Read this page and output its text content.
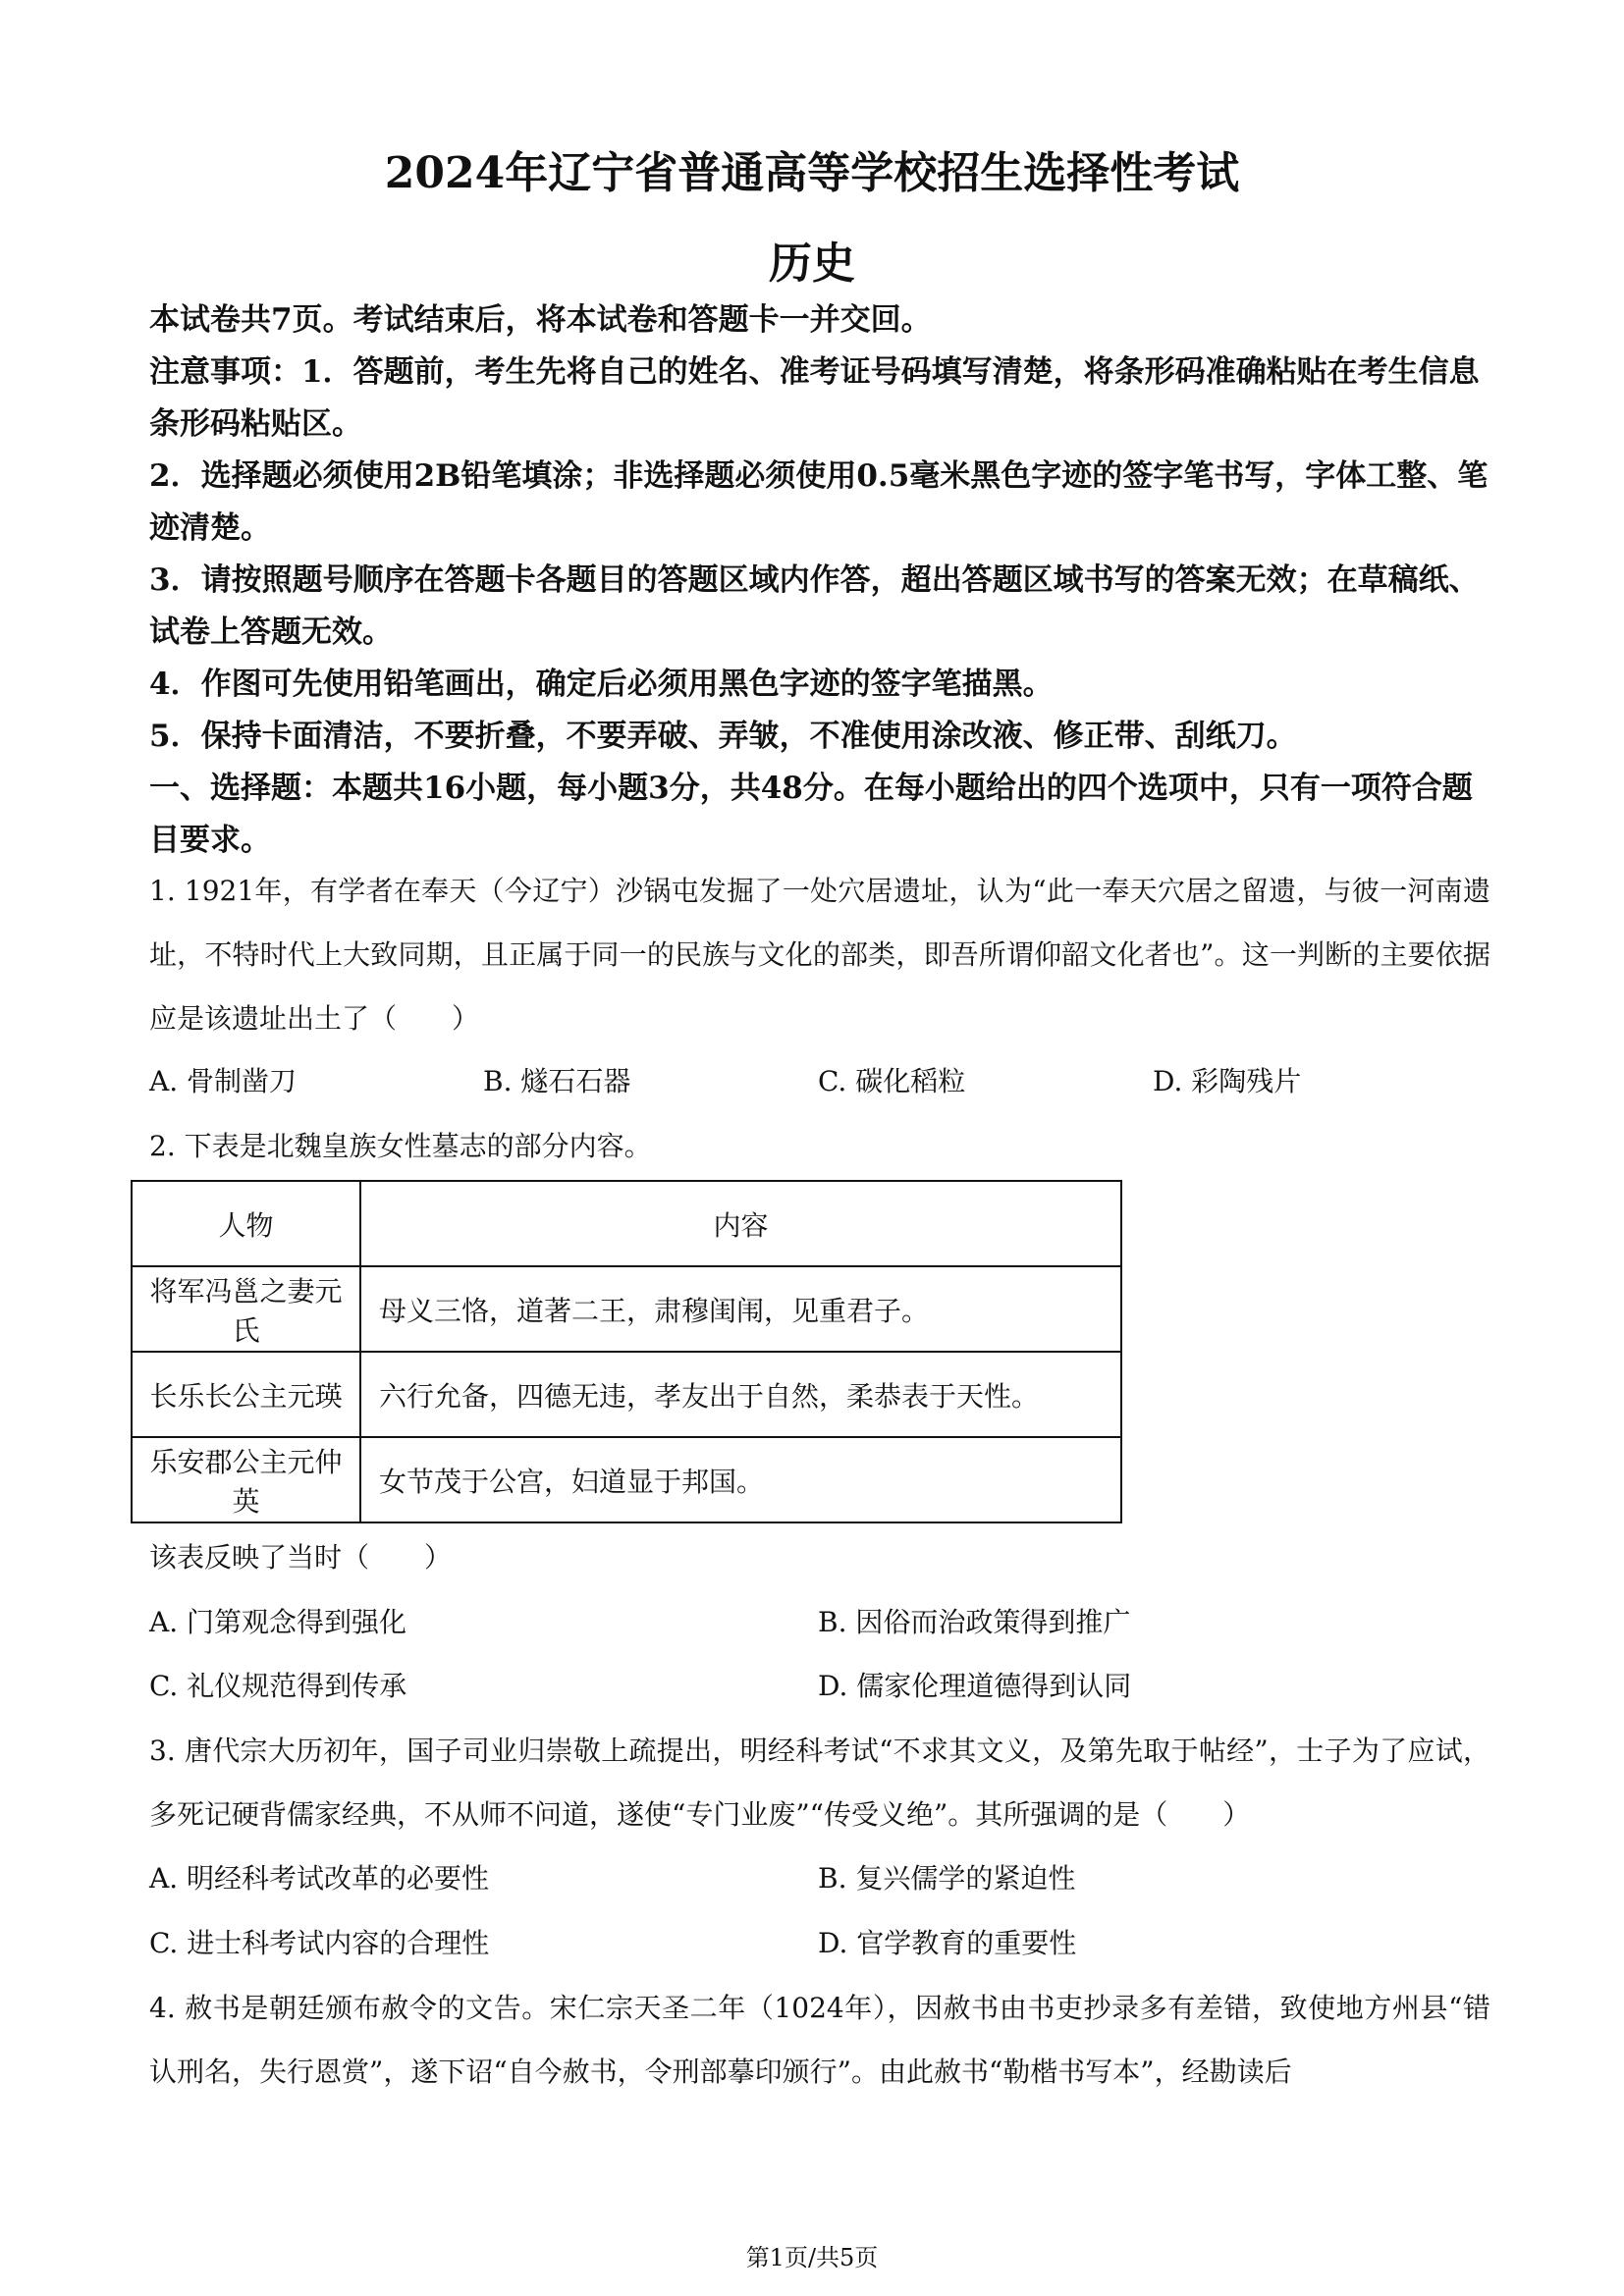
2024年辽宁省普通高等学校招生选择性考试
历史

本试卷共7页。考试结束后，将本试卷和答题卡一并交回。

注意事项：1．答题前，考生先将自己的姓名、准考证号码填写清楚，将条形码准确粘贴在考生信息条形码粘贴区。

2．选择题必须使用2B铅笔填涂；非选择题必须使用0.5毫米黑色字迹的签字笔书写，字体工整、笔迹清楚。

3．请按照题号顺序在答题卡各题目的答题区域内作答，超出答题区域书写的答案无效；在草稿纸、试卷上答题无效。

4．作图可先使用铅笔画出，确定后必须用黑色字迹的签字笔描黑。

5．保持卡面清洁，不要折叠，不要弄破、弄皱，不准使用涂改液、修正带、刮纸刀。

一、选择题：本题共16小题，每小题3分，共48分。在每小题给出的四个选项中，只有一项符合题目要求。

1. 1921年，有学者在奉天（今辽宁）沙锅屯发掘了一处穴居遗址，认为“此一奉天穴居之留遗，与彼一河南遗址，不特时代上大致同期，且正属于同一的民族与文化的部类，即吾所谓仰韶文化者也”。这一判断的主要依据应是该遗址出土了（　　）
A. 骨制凿刀	B. 燧石石器	C. 碳化稻粒	D. 彩陶残片
2. 下表是北魏皇族女性墓志的部分内容。
人物	内容
将军冯邕之妻元氏	母义三恪，道著二王，肃穆闺闱，见重君子。
长乐长公主元瑛	六行允备，四德无违，孝友出于自然，柔恭表于天性。
乐安郡公主元仲英	女节茂于公宫，妇道显于邦国。
该表反映了当时（　　）
A. 门第观念得到强化	B. 因俗而治政策得到推广
C. 礼仪规范得到传承	D. 儒家伦理道德得到认同
3. 唐代宗大历初年，国子司业归崇敬上疏提出，明经科考试“不求其文义，及第先取于帖经”，士子为了应试，多死记硬背儒家经典，不从师不问道，遂使“专门业废”“传受义绝”。其所强调的是（　　）
A. 明经科考试改革的必要性	B. 复兴儒学的紧迫性
C. 进士科考试内容的合理性	D. 官学教育的重要性
4. 赦书是朝廷颁布赦令的文告。宋仁宗天圣二年（1024年），因赦书由书吏抄录多有差错，致使地方州县“错认刑名，失行恩赏”，遂下诏“自今赦书，令刑部摹印颁行”。由此赦书“勒楷书写本”，经勘读后
第1页/共5页
